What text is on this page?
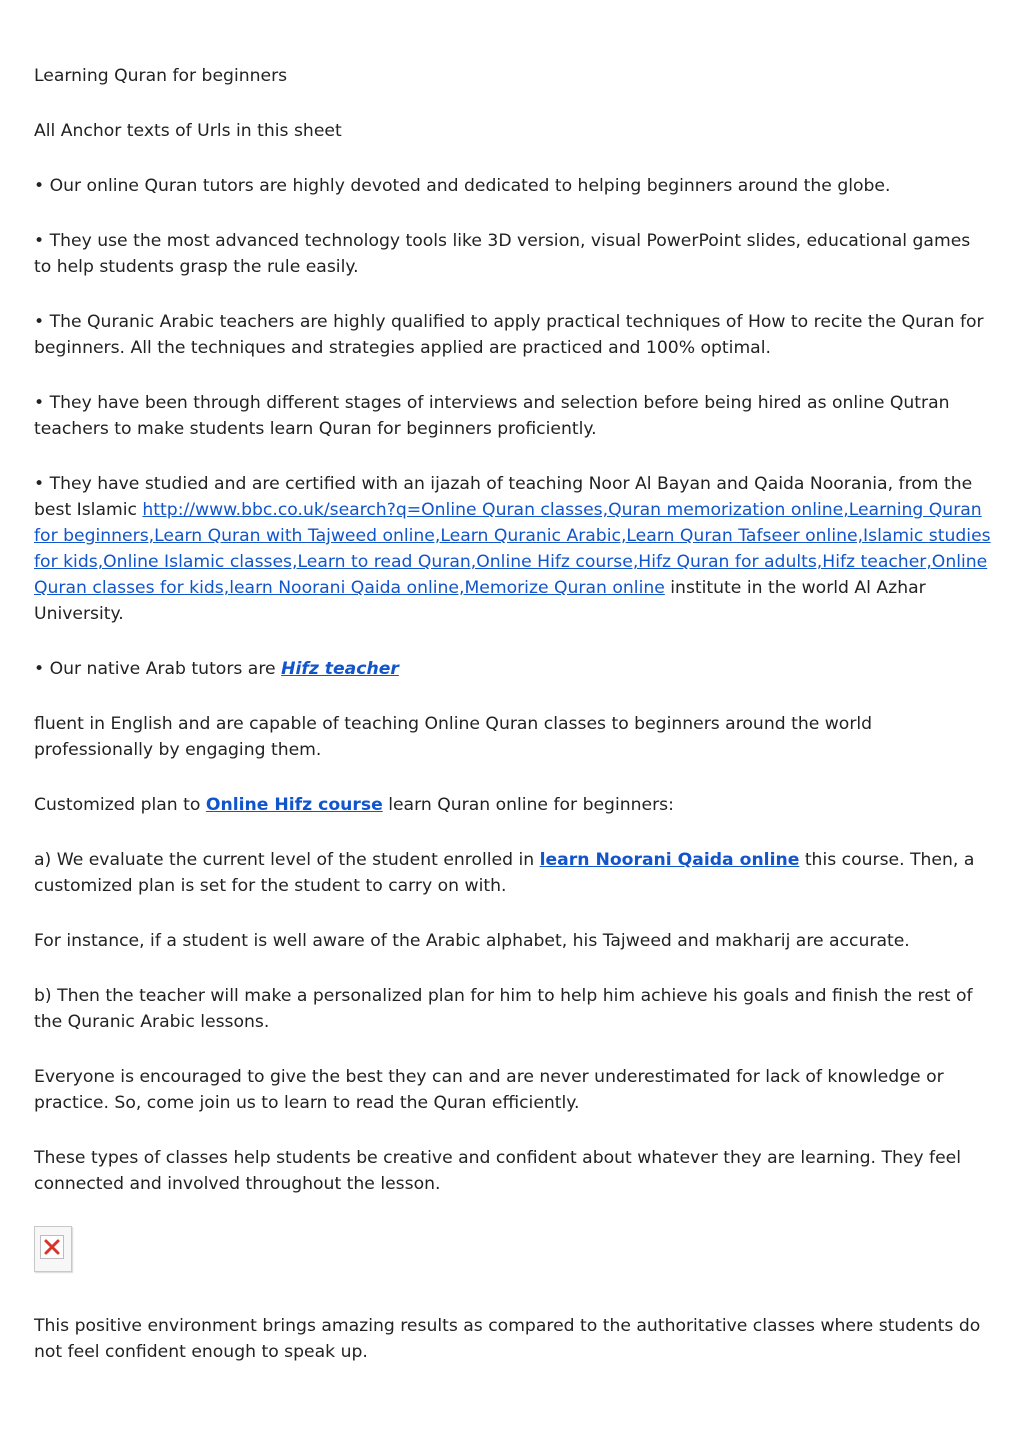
Learning Quran for beginners

All Anchor texts of Urls in this sheet

• Our online Quran tutors are highly devoted and dedicated to helping beginners around the globe.

• They use the most advanced technology tools like 3D version, visual PowerPoint slides, educational games to help students grasp the rule easily.

• The Quranic Arabic teachers are highly qualified to apply practical techniques of How to recite the Quran for beginners. All the techniques and strategies applied are practiced and 100% optimal.

• They have been through different stages of interviews and selection before being hired as online Qutran teachers to make students learn Quran for beginners proficiently.

• They have studied and are certified with an ijazah of teaching Noor Al Bayan and Qaida Noorania, from the best Islamic http://www.bbc.co.uk/search?q=Online Quran classes,Quran memorization online,Learning Quran for beginners,Learn Quran with Tajweed online,Learn Quranic Arabic,Learn Quran Tafseer online,Islamic studies for kids,Online Islamic classes,Learn to read Quran,Online Hifz course,Hifz Quran for adults,Hifz teacher,Online Quran classes for kids,learn Noorani Qaida online,Memorize Quran online institute in the world Al Azhar University.

• Our native Arab tutors are Hifz teacher

fluent in English and are capable of teaching Online Quran classes to beginners around the world professionally by engaging them.

Customized plan to Online Hifz course learn Quran online for beginners:

a) We evaluate the current level of the student enrolled in learn Noorani Qaida online this course. Then, a customized plan is set for the student to carry on with.

For instance, if a student is well aware of the Arabic alphabet, his Tajweed and makharij are accurate.

b) Then the teacher will make a personalized plan for him to help him achieve his goals and finish the rest of the Quranic Arabic lessons.

Everyone is encouraged to give the best they can and are never underestimated for lack of knowledge or practice. So, come join us to learn to read the Quran efficiently.

These types of classes help students be creative and confident about whatever they are learning. They feel connected and involved throughout the lesson.

This positive environment brings amazing results as compared to the authoritative classes where students do not feel confident enough to speak up.
